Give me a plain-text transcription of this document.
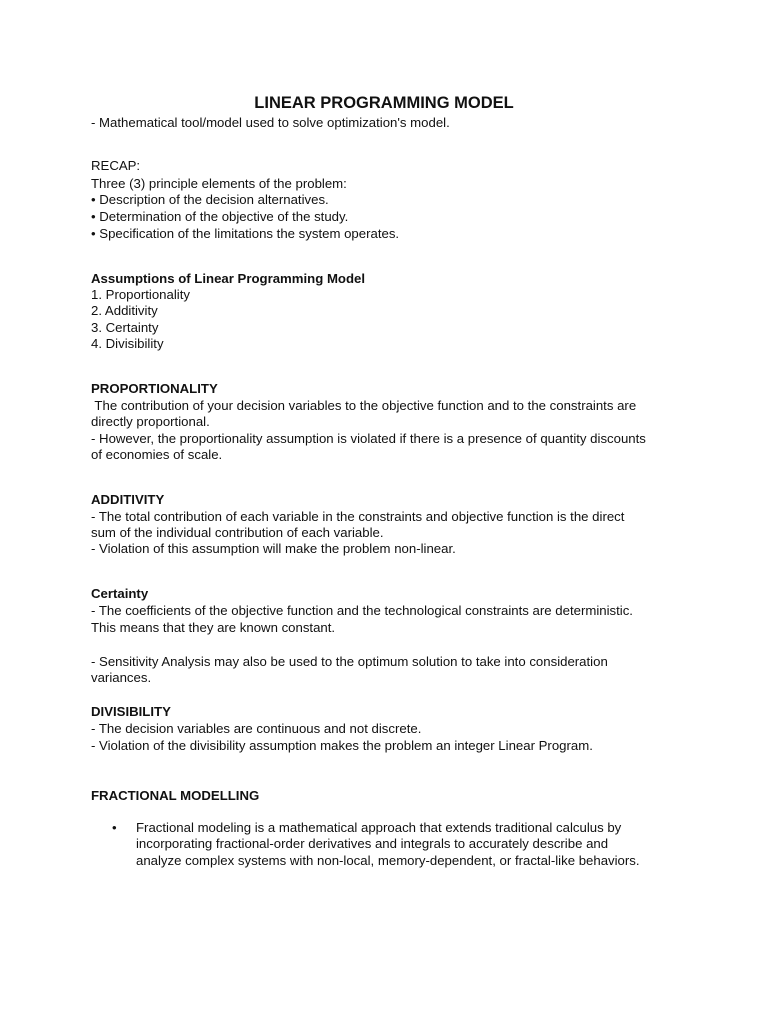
LINEAR PROGRAMMING MODEL

- Mathematical tool/model used to solve optimization's model.

RECAP:

Three (3) principle elements of the problem:

• Description of the decision alternatives.

• Determination of the objective of the study.

• Specification of the limitations the system operates.

Assumptions of Linear Programming Model

1. Proportionality

2. Additivity

3. Certainty

4. Divisibility

PROPORTIONALITY

The contribution of your decision variables to the objective function and to the constraints are

directly proportional.

- However, the proportionality assumption is violated if there is a presence of quantity discounts

of economies of scale.

ADDITIVITY

- The total contribution of each variable in the constraints and objective function is the direct

sum of the individual contribution of each variable.

- Violation of this assumption will make the problem non-linear.

Certainty

- The coefficients of the objective function and the technological constraints are deterministic.

This means that they are known constant.

- Sensitivity Analysis may also be used to the optimum solution to take into consideration

variances.

DIVISIBILITY

- The decision variables are continuous and not discrete.

- Violation of the divisibility assumption makes the problem an integer Linear Program.

FRACTIONAL MODELLING

• Fractional modeling is a mathematical approach that extends traditional calculus by

incorporating fractional-order derivatives and integrals to accurately describe and

analyze complex systems with non-local, memory-dependent, or fractal-like behaviors.
